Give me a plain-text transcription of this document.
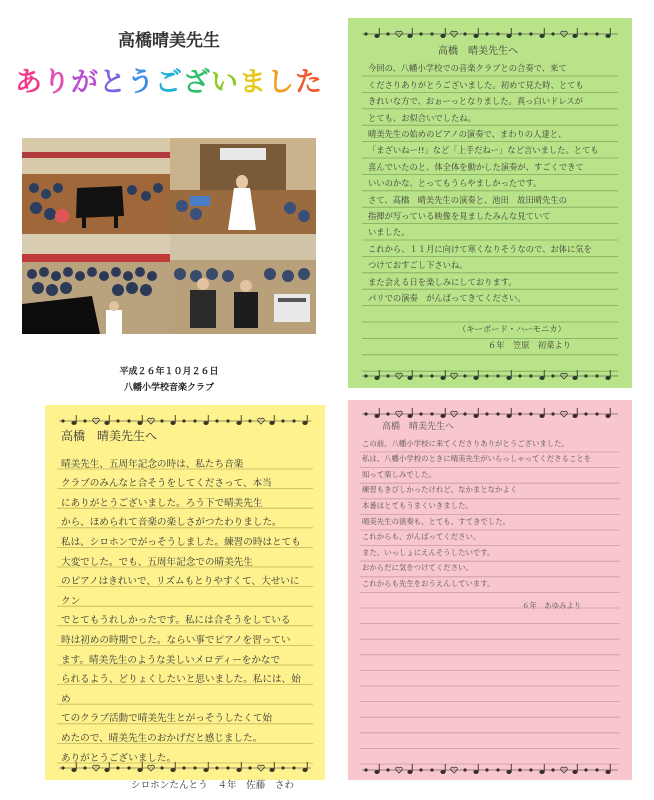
高橋晴美先生
ありがとうございました
平成２６年１０月２６日
八幡小学校音楽クラブ

高橋　晴美先生へ

今回の、八幡小学校での音楽クラブとの合奏で、来て

くださりありがとうございました。初めて見た時、とても

きれいな方で、おぉーっとなりました。真っ白いドレスが

とても、お似合いでしたね。

晴美先生の始めのピアノの演奏で、まわりの人達と、

「まざいねー!!」など「上手だねー」など言いました。とても

喜んでいたのと、体全体を動かした演奏が、すごくできて

いいのかな、とってもうらやましかったです。

さて、高橋　晴美先生の演奏と、池田　故田晴先生の

指揮が写っている映像を見ましたみんな見ていて

いました。

これから、１１月に向けて寒くなりそうなので、お体に気を

つけておすごし下さいね。

また会える日を楽しみにしております。

パリでの演奏　がんばってきてください。

（キーボード・ハーモニカ）

６年　笠原　初菜より

高橋　晴美先生へ

晴美先生、五周年記念の時は、私たち音楽

クラブのみんなと合そうをしてくださって、本当

にありがとうございました。ろう下で晴美先生

から、ほめられて音楽の楽しさがつたわりました。

私は、シロホンでがっそうしました。練習の時はとても

大変でした。でも、五周年記念での晴美先生

のピアノはきれいで、リズムもとりやすくて、大せいにクン

でとてもうれしかったです。私には合そうをしている

時は初めの時期でした。ならい事でピアノを習ってい

ます。晴美先生のような美しいメロディーをかなで

られるよう、どりょくしたいと思いました。私には、始め

てのクラブ活動で晴美先生とがっそうしたくて始

めたので、晴美先生のおかげだと感じました。

ありがとうございました。

シロホンたんとう　４年　佐藤　さわ

高橋　晴美先生へ

この前、八幡小学校に来てくださりありがとうございました。

私は、八幡小学校のときに晴美先生がいらっしゃってくださることを

知って楽しみでした。

練習もきびしかったけれど、なかまとなかよく

本番はとてもうまくいきました。

晴美先生の演奏も、とても、すてきでした。

これからも、がんばってください。

また、いっしょにえんそうしたいです。

おからだに気をつけてください。

これからも先生をおうえんしています。

６年　あゆみより
